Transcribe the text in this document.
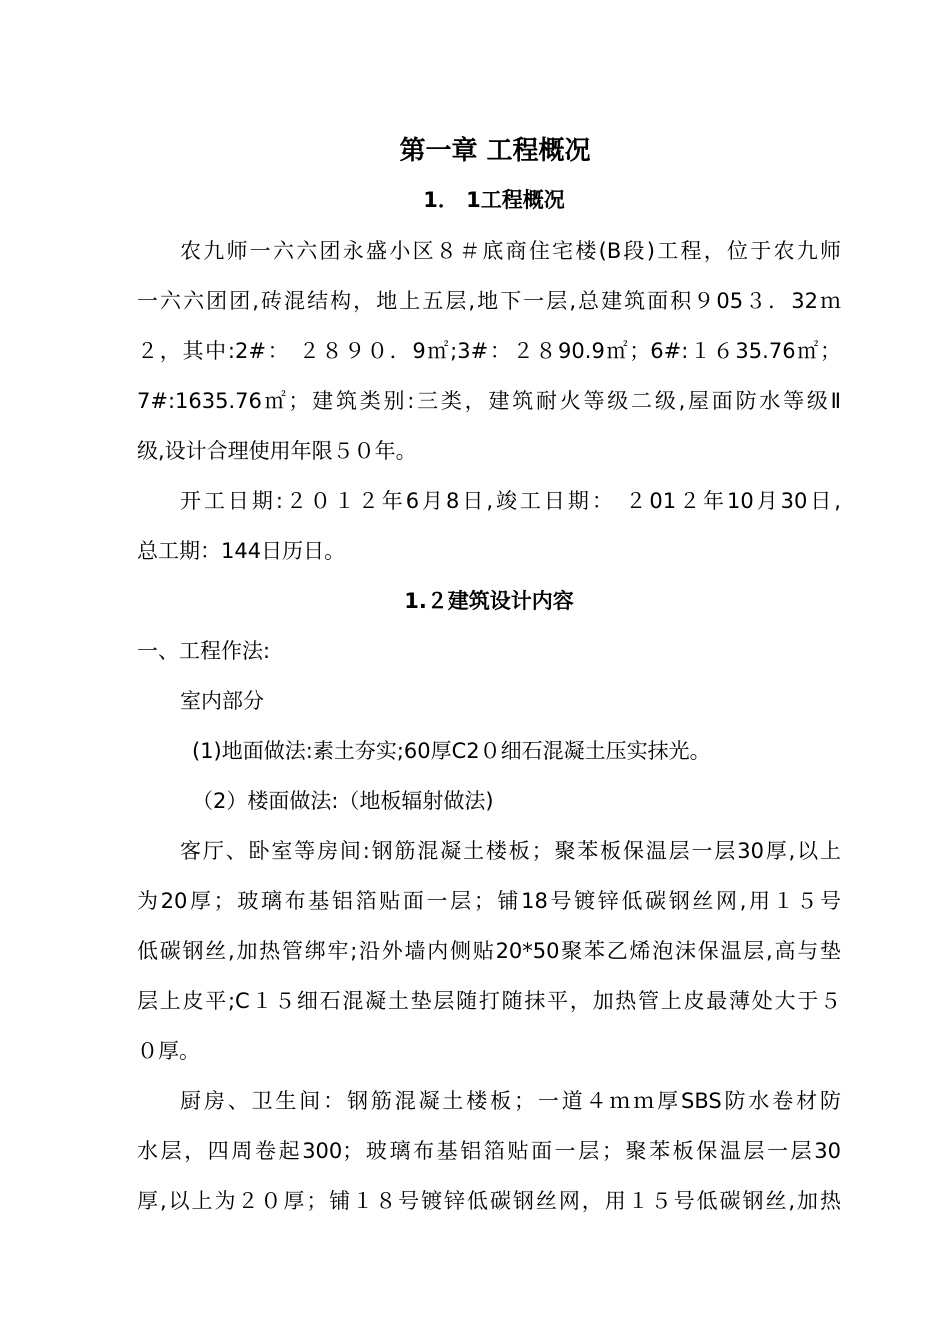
第一章 工程概况
1． 1工程概况

农九师一六六团永盛小区８＃底商住宅楼(B段)工程，位于农九师
一六六团团,砖混结构，地上五层,地下一层,总建筑面积９05３．32ｍ
２，其中:2#： ２８９０．9㎡;3#：２８90.9㎡；6#:１６35.76㎡；
7#:1635.76㎡；建筑类别:三类，建筑耐火等级二级,屋面防水等级Ⅱ
级,设计合理使用年限５０年。

开工日期:２０１２年6月8日,竣工日期： ２01２年10月30日,
总工期：144日历日。

1.２建筑设计内容

一、工程作法:

室内部分

(1)地面做法:素土夯实;60厚C2０细石混凝土压实抹光。

（2）楼面做法:（地板辐射做法)

客厅、卧室等房间:钢筋混凝土楼板；聚苯板保温层一层30厚,以上
为20厚；玻璃布基铝箔贴面一层；铺18号镀锌低碳钢丝网,用１５号
低碳钢丝,加热管绑牢;沿外墙内侧贴20*50聚苯乙烯泡沫保温层,高与垫
层上皮平;C１５细石混凝土垫层随打随抹平，加热管上皮最薄处大于５
０厚。

厨房、卫生间：钢筋混凝土楼板；一道４ｍｍ厚SBS防水卷材防
水层，四周卷起300；玻璃布基铝箔贴面一层；聚苯板保温层一层30
厚,以上为２０厚；铺１８号镀锌低碳钢丝网，用１５号低碳钢丝,加热
